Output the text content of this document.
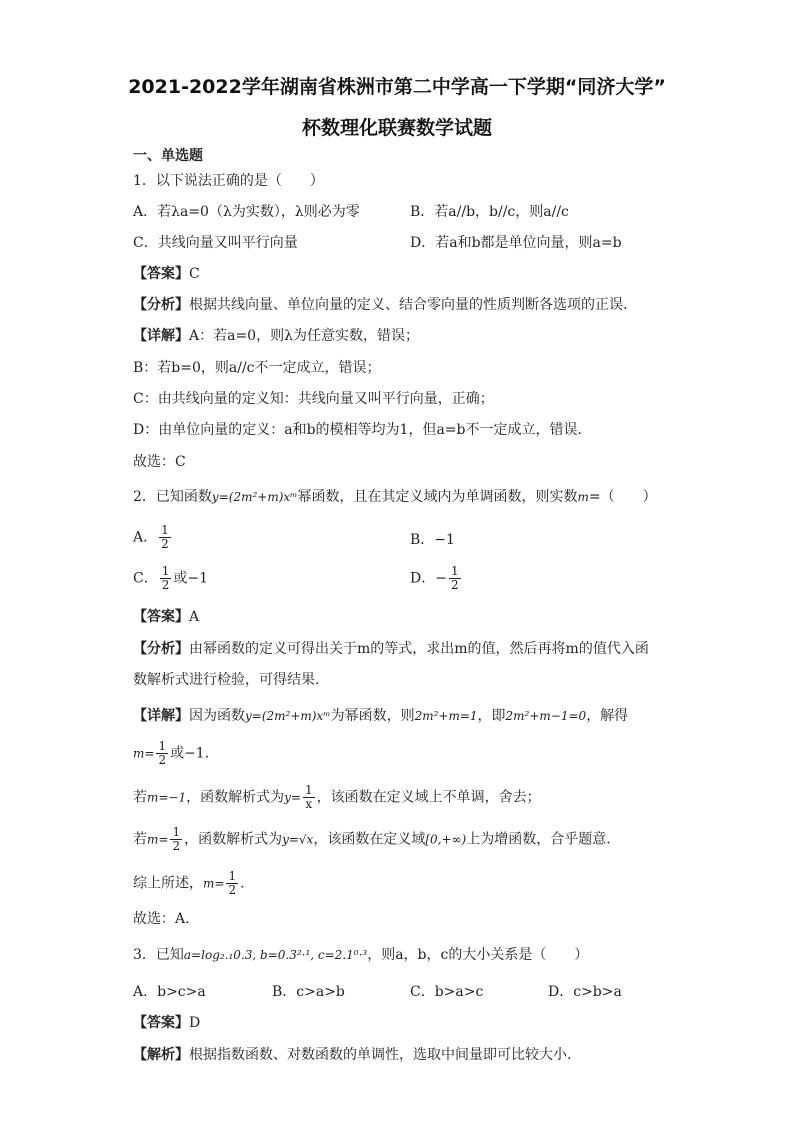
2021-2022学年湖南省株洲市第二中学高一下学期“同济大学”
杯数理化联赛数学试题
一、单选题
1．以下说法正确的是（　　）
A．若λa=0（λ为实数），λ则必为零	B．若a//b，b//c，则a//c
C．共线向量又叫平行向量	D．若a和b都是单位向量，则a=b
【答案】C
【分析】根据共线向量、单位向量的定义、结合零向量的性质判断各选项的正误.
【详解】A：若a=0，则λ为任意实数，错误；
B：若b=0，则a//c不一定成立，错误；
C：由共线向量的定义知：共线向量又叫平行向量，正确；
D：由单位向量的定义：a和b的模相等均为1，但a=b不一定成立，错误.
故选：C
2．已知函数y=(2m²+m)xᵐ幂函数，且在其定义域内为单调函数，则实数m=（　　）
A． $\frac{1}{2}$	B．−1
C． $\frac{1}{2}$ 或−1	D．− $\frac{1}{2}$
【答案】A
【分析】由幂函数的定义可得出关于m的等式，求出m的值，然后再将m的值代入函
数解析式进行检验，可得结果.
【详解】因为函数y=(2m²+m)xᵐ为幂函数，则2m²+m=1，即2m²+m−1=0，解得
$m= \frac{1}{2}$ 或−1.
若m=−1，函数解析式为$y= \frac{1}{x}$ ，该函数在定义域上不单调，舍去；
若$m= \frac{1}{2}$ ，函数解析式为y=√x，该函数在定义域[0,+∞)上为增函数，合乎题意.
综上所述，$m= \frac{1}{2}$ .
故选：A.
3．已知a=log₂.₁0.3, b=0.3²·¹, c=2.1⁰·³，则a，b，c的大小关系是（　　）
A．b>c>a	B．c>a>b	C．b>a>c	D．c>b>a
【答案】D
【解析】根据指数函数、对数函数的单调性，选取中间量即可比较大小.
